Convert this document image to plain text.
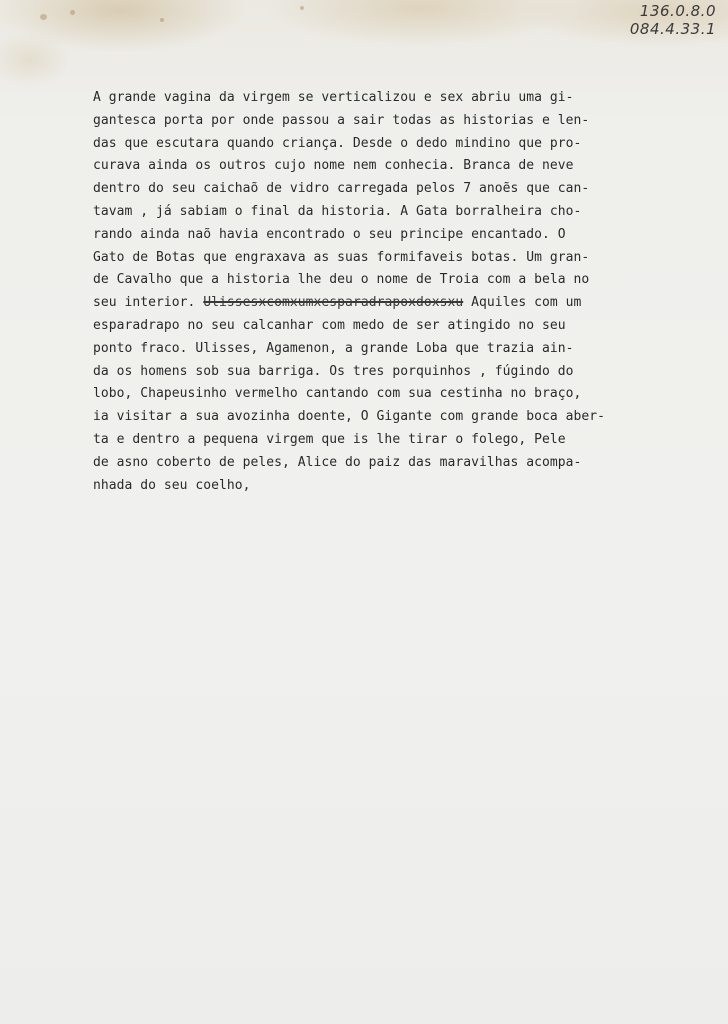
136.0.8.0
084.4.33.1
A grande vagina da virgem se verticalizou e sex abriu uma gi-
gantesca porta por onde passou a sair todas as historias e len-
das que escutara quando criança. Desde o dedo mindino que pro-
curava ainda os outros cujo nome nem conhecia. Branca de neve
dentro do seu caichaõ de vidro carregada pelos 7 anoẽs que can-
tavam , já sabiam o final da historia. A Gata borralheira cho-
rando ainda naõ havia encontrado o seu principe encantado. O
Gato de Botas que engraxava as suas formifaveis botas. Um gran-
de Cavalho que a historia lhe deu o nome de Troia com a bela no
seu interior. Ulissesxcomxumxesparadrapoxdoxsxu Aquiles com um
esparadrapo no seu calcanhar com medo de ser atingido no seu
ponto fraco. Ulisses, Agamenon, a grande Loba que trazia ain-
da os homens sob sua barriga. Os tres porquinhos , fúgindo do
lobo, Chapeusinho vermelho cantando com sua cestinha no braço,
ia visitar a sua avozinha doente, O Gigante com grande boca aber-
ta e dentro a pequena virgem que is lhe tirar o folego, Pele
de asno coberto de peles, Alice do paiz das maravilhas acompa-
nhada do seu coelho,
